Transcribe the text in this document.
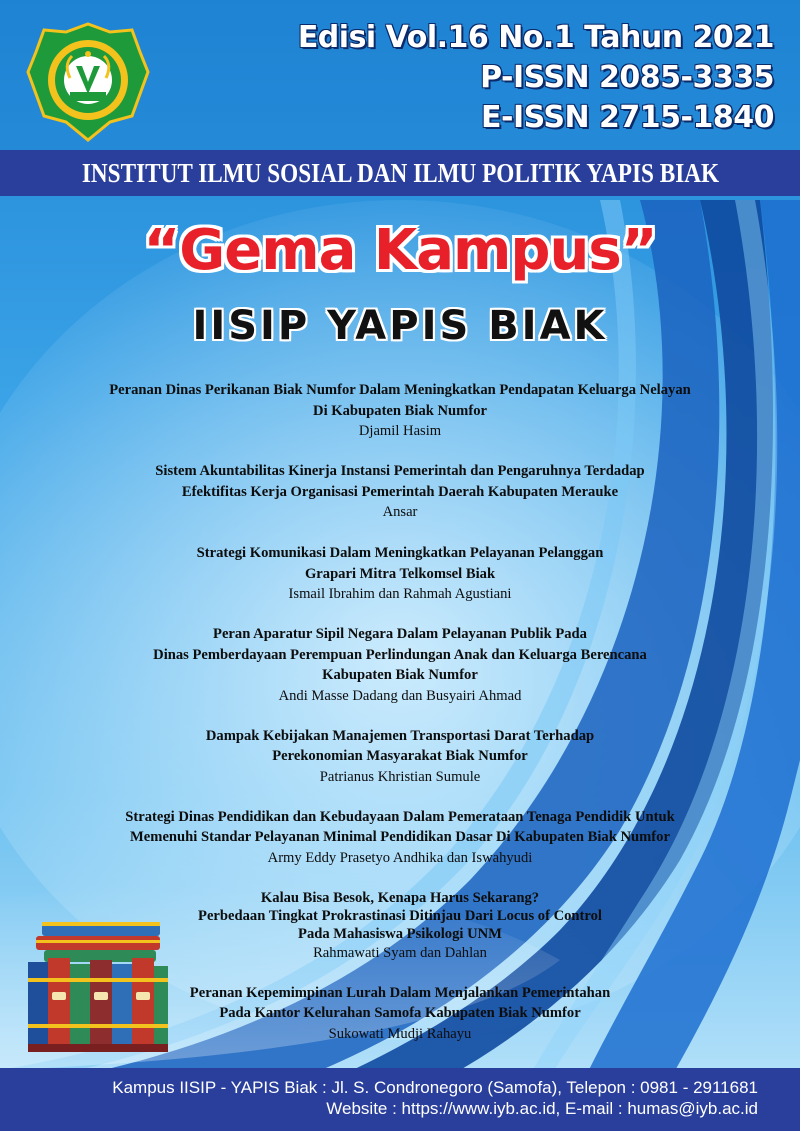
Edisi Vol.16 No.1 Tahun 2021
P-ISSN 2085-3335
E-ISSN 2715-1840
INSTITUT ILMU SOSIAL DAN ILMU POLITIK YAPIS BIAK
“Gema Kampus”
IISIP YAPIS BIAK
Peranan Dinas Perikanan Biak Numfor Dalam Meningkatkan Pendapatan Keluarga Nelayan
Di Kabupaten Biak Numfor
Djamil Hasim
Sistem Akuntabilitas Kinerja Instansi Pemerintah dan Pengaruhnya Terdadap
Efektifitas Kerja Organisasi Pemerintah Daerah Kabupaten Merauke
Ansar
Strategi Komunikasi Dalam Meningkatkan Pelayanan Pelanggan
Grapari Mitra Telkomsel Biak
Ismail Ibrahim dan Rahmah Agustiani
Peran Aparatur Sipil Negara Dalam Pelayanan Publik Pada
Dinas Pemberdayaan Perempuan Perlindungan Anak dan Keluarga Berencana
Kabupaten Biak Numfor
Andi Masse Dadang dan Busyairi Ahmad
Dampak Kebijakan Manajemen Transportasi Darat Terhadap
Perekonomian Masyarakat Biak Numfor
Patrianus Khristian Sumule
Strategi Dinas Pendidikan dan Kebudayaan Dalam Pemerataan Tenaga Pendidik Untuk
Memenuhi Standar Pelayanan Minimal Pendidikan Dasar Di Kabupaten Biak Numfor
Army Eddy Prasetyo Andhika dan Iswahyudi
Kalau Bisa Besok, Kenapa Harus Sekarang?
Perbedaan Tingkat Prokrastinasi Ditinjau Dari Locus of Control
Pada Mahasiswa Psikologi UNM
Rahmawati Syam dan Dahlan
Peranan Kepemimpinan Lurah Dalam Menjalankan Pemerintahan
Pada Kantor Kelurahan Samofa Kabupaten Biak Numfor
Sukowati Mudji Rahayu
Kampus IISIP - YAPIS Biak : Jl. S. Condronegoro (Samofa), Telepon : 0981 - 2911681
Website : https://www.iyb.ac.id, E-mail : humas@iyb.ac.id
